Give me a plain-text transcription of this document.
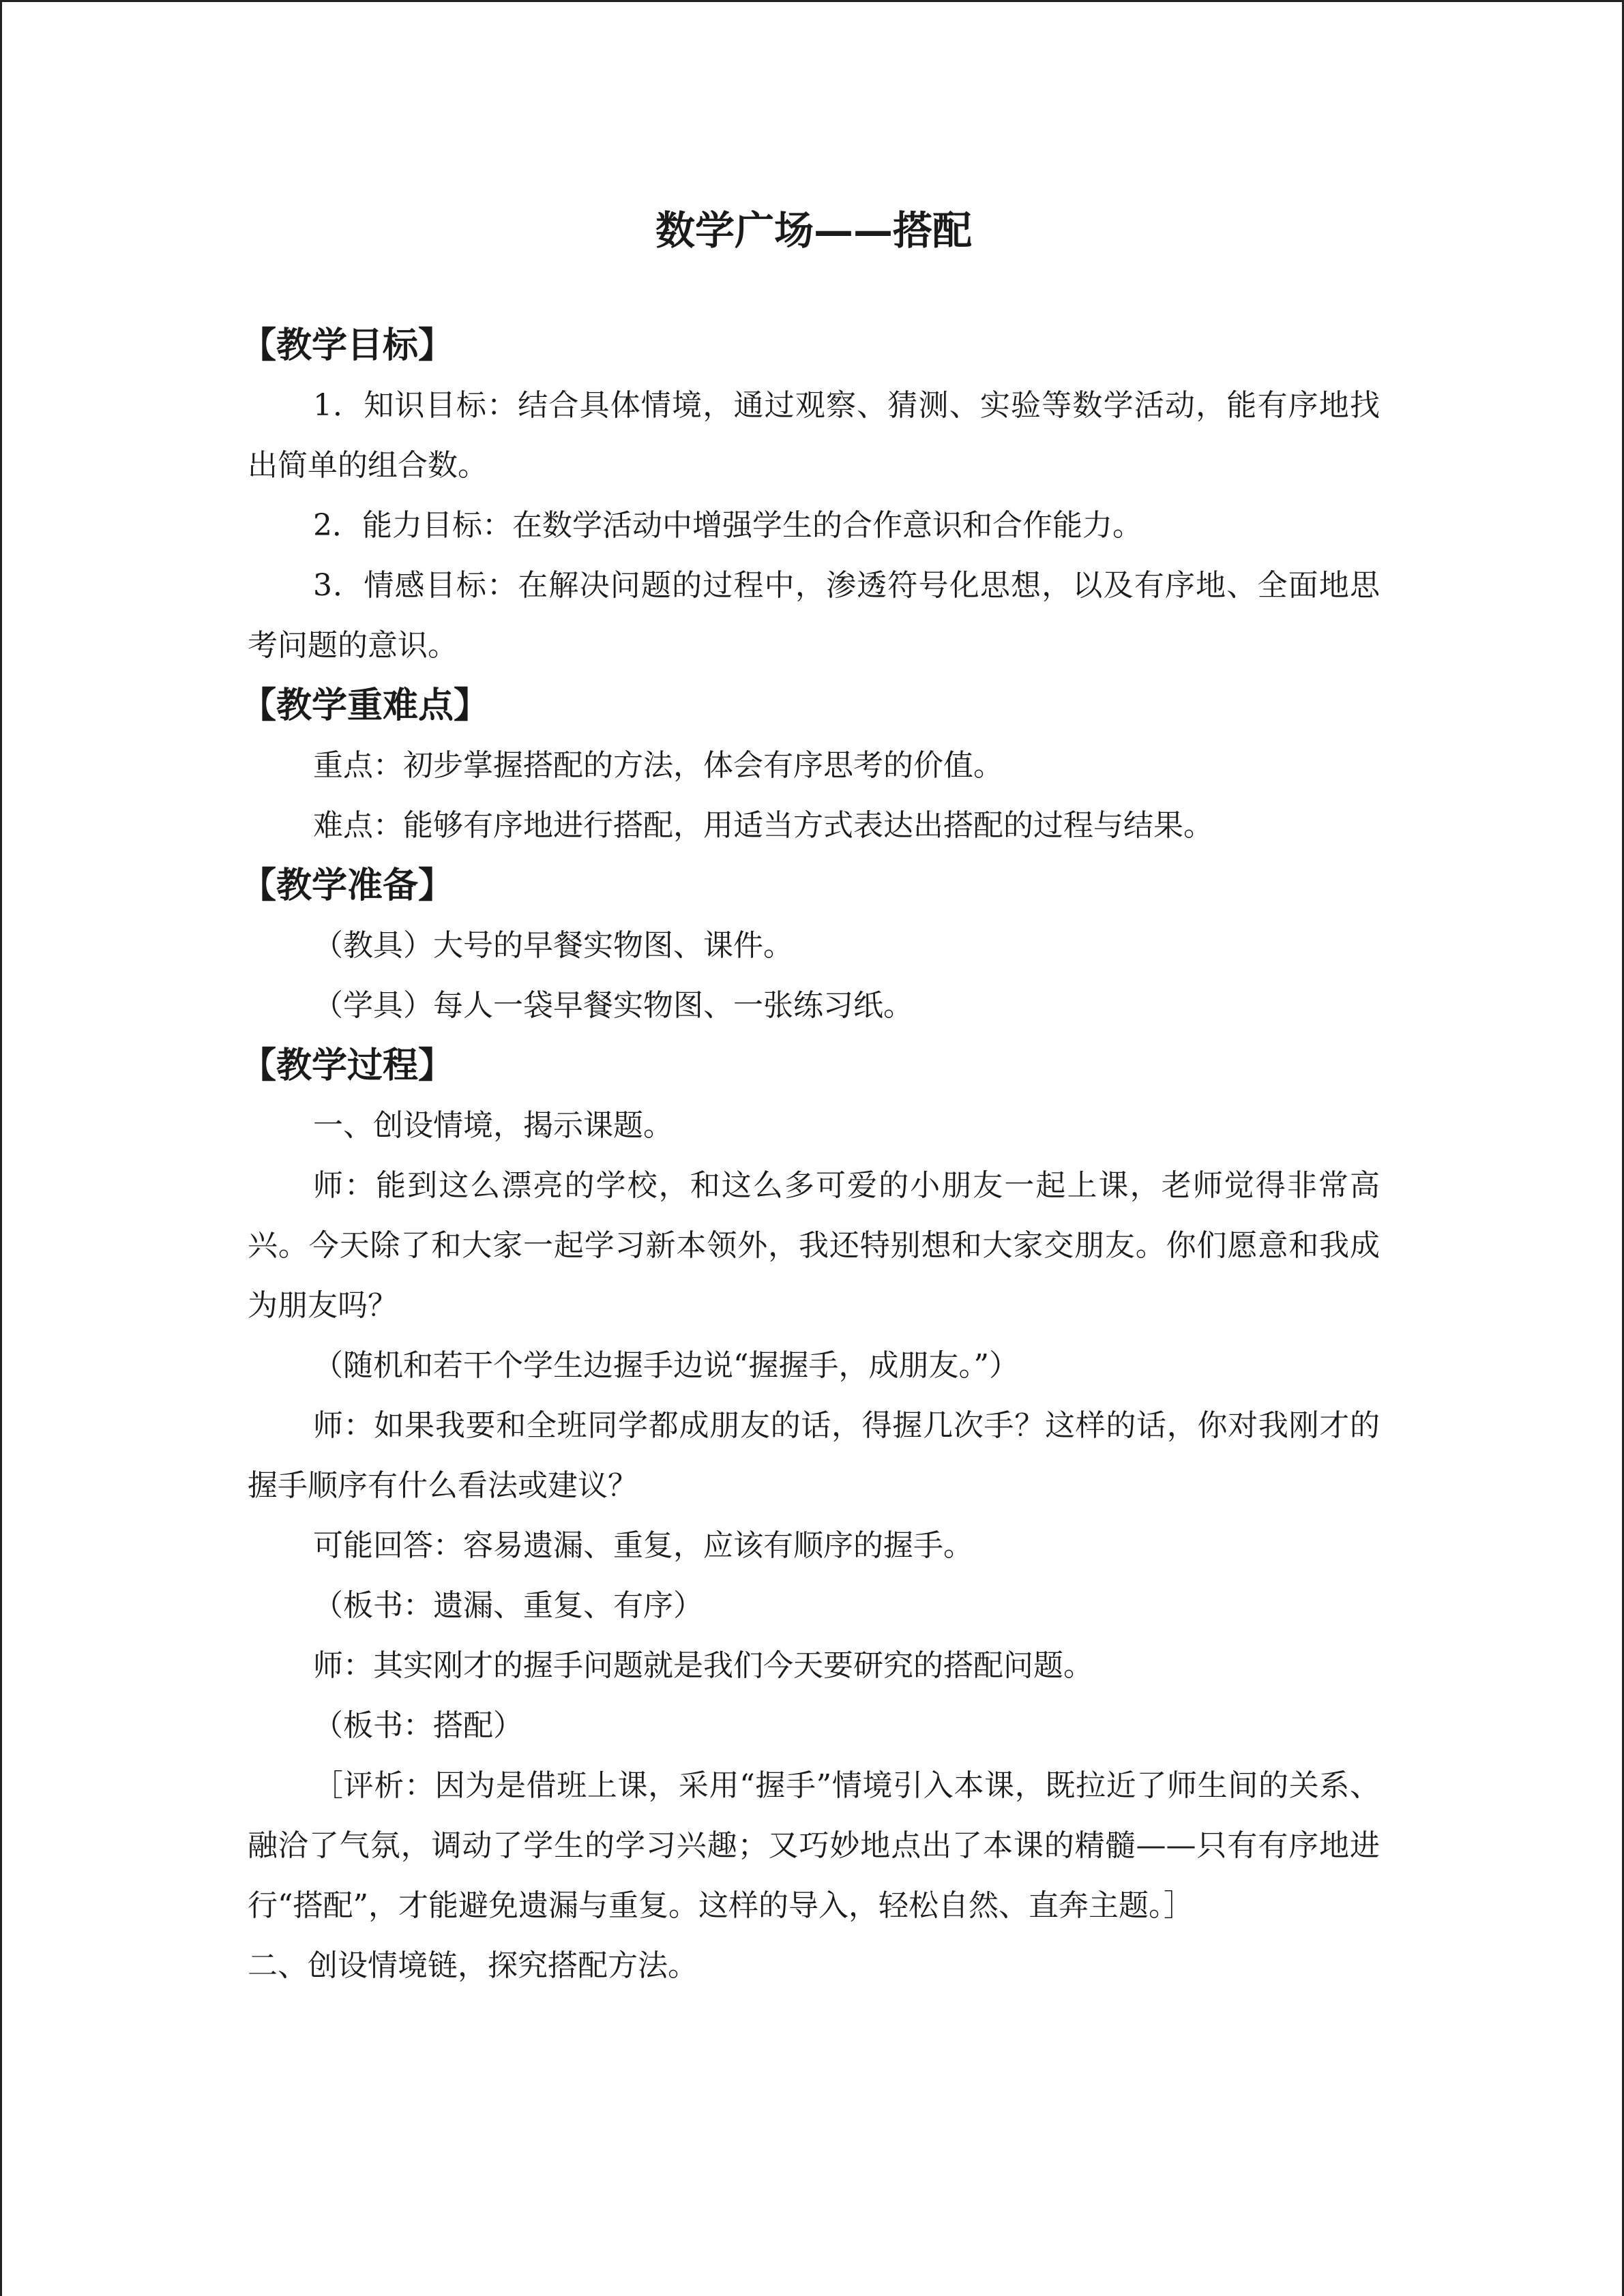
数学广场——搭配
【教学目标】
1．知识目标：结合具体情境，通过观察、猜测、实验等数学活动，能有序地找出简单的组合数。
2．能力目标：在数学活动中增强学生的合作意识和合作能力。
3．情感目标：在解决问题的过程中，渗透符号化思想，以及有序地、全面地思考问题的意识。
【教学重难点】
重点：初步掌握搭配的方法，体会有序思考的价值。
难点：能够有序地进行搭配，用适当方式表达出搭配的过程与结果。
【教学准备】
（教具）大号的早餐实物图、课件。
（学具）每人一袋早餐实物图、一张练习纸。
【教学过程】
一、创设情境，揭示课题。
师：能到这么漂亮的学校，和这么多可爱的小朋友一起上课，老师觉得非常高兴。今天除了和大家一起学习新本领外，我还特别想和大家交朋友。你们愿意和我成为朋友吗？
（随机和若干个学生边握手边说“握握手，成朋友。”）
师：如果我要和全班同学都成朋友的话，得握几次手？这样的话，你对我刚才的握手顺序有什么看法或建议？
可能回答：容易遗漏、重复，应该有顺序的握手。
（板书：遗漏、重复、有序）
师：其实刚才的握手问题就是我们今天要研究的搭配问题。
（板书：搭配）
［评析：因为是借班上课，采用“握手”情境引入本课，既拉近了师生间的关系、融洽了气氛，调动了学生的学习兴趣；又巧妙地点出了本课的精髓——只有有序地进行“搭配”，才能避免遗漏与重复。这样的导入，轻松自然、直奔主题。］
二、创设情境链，探究搭配方法。
